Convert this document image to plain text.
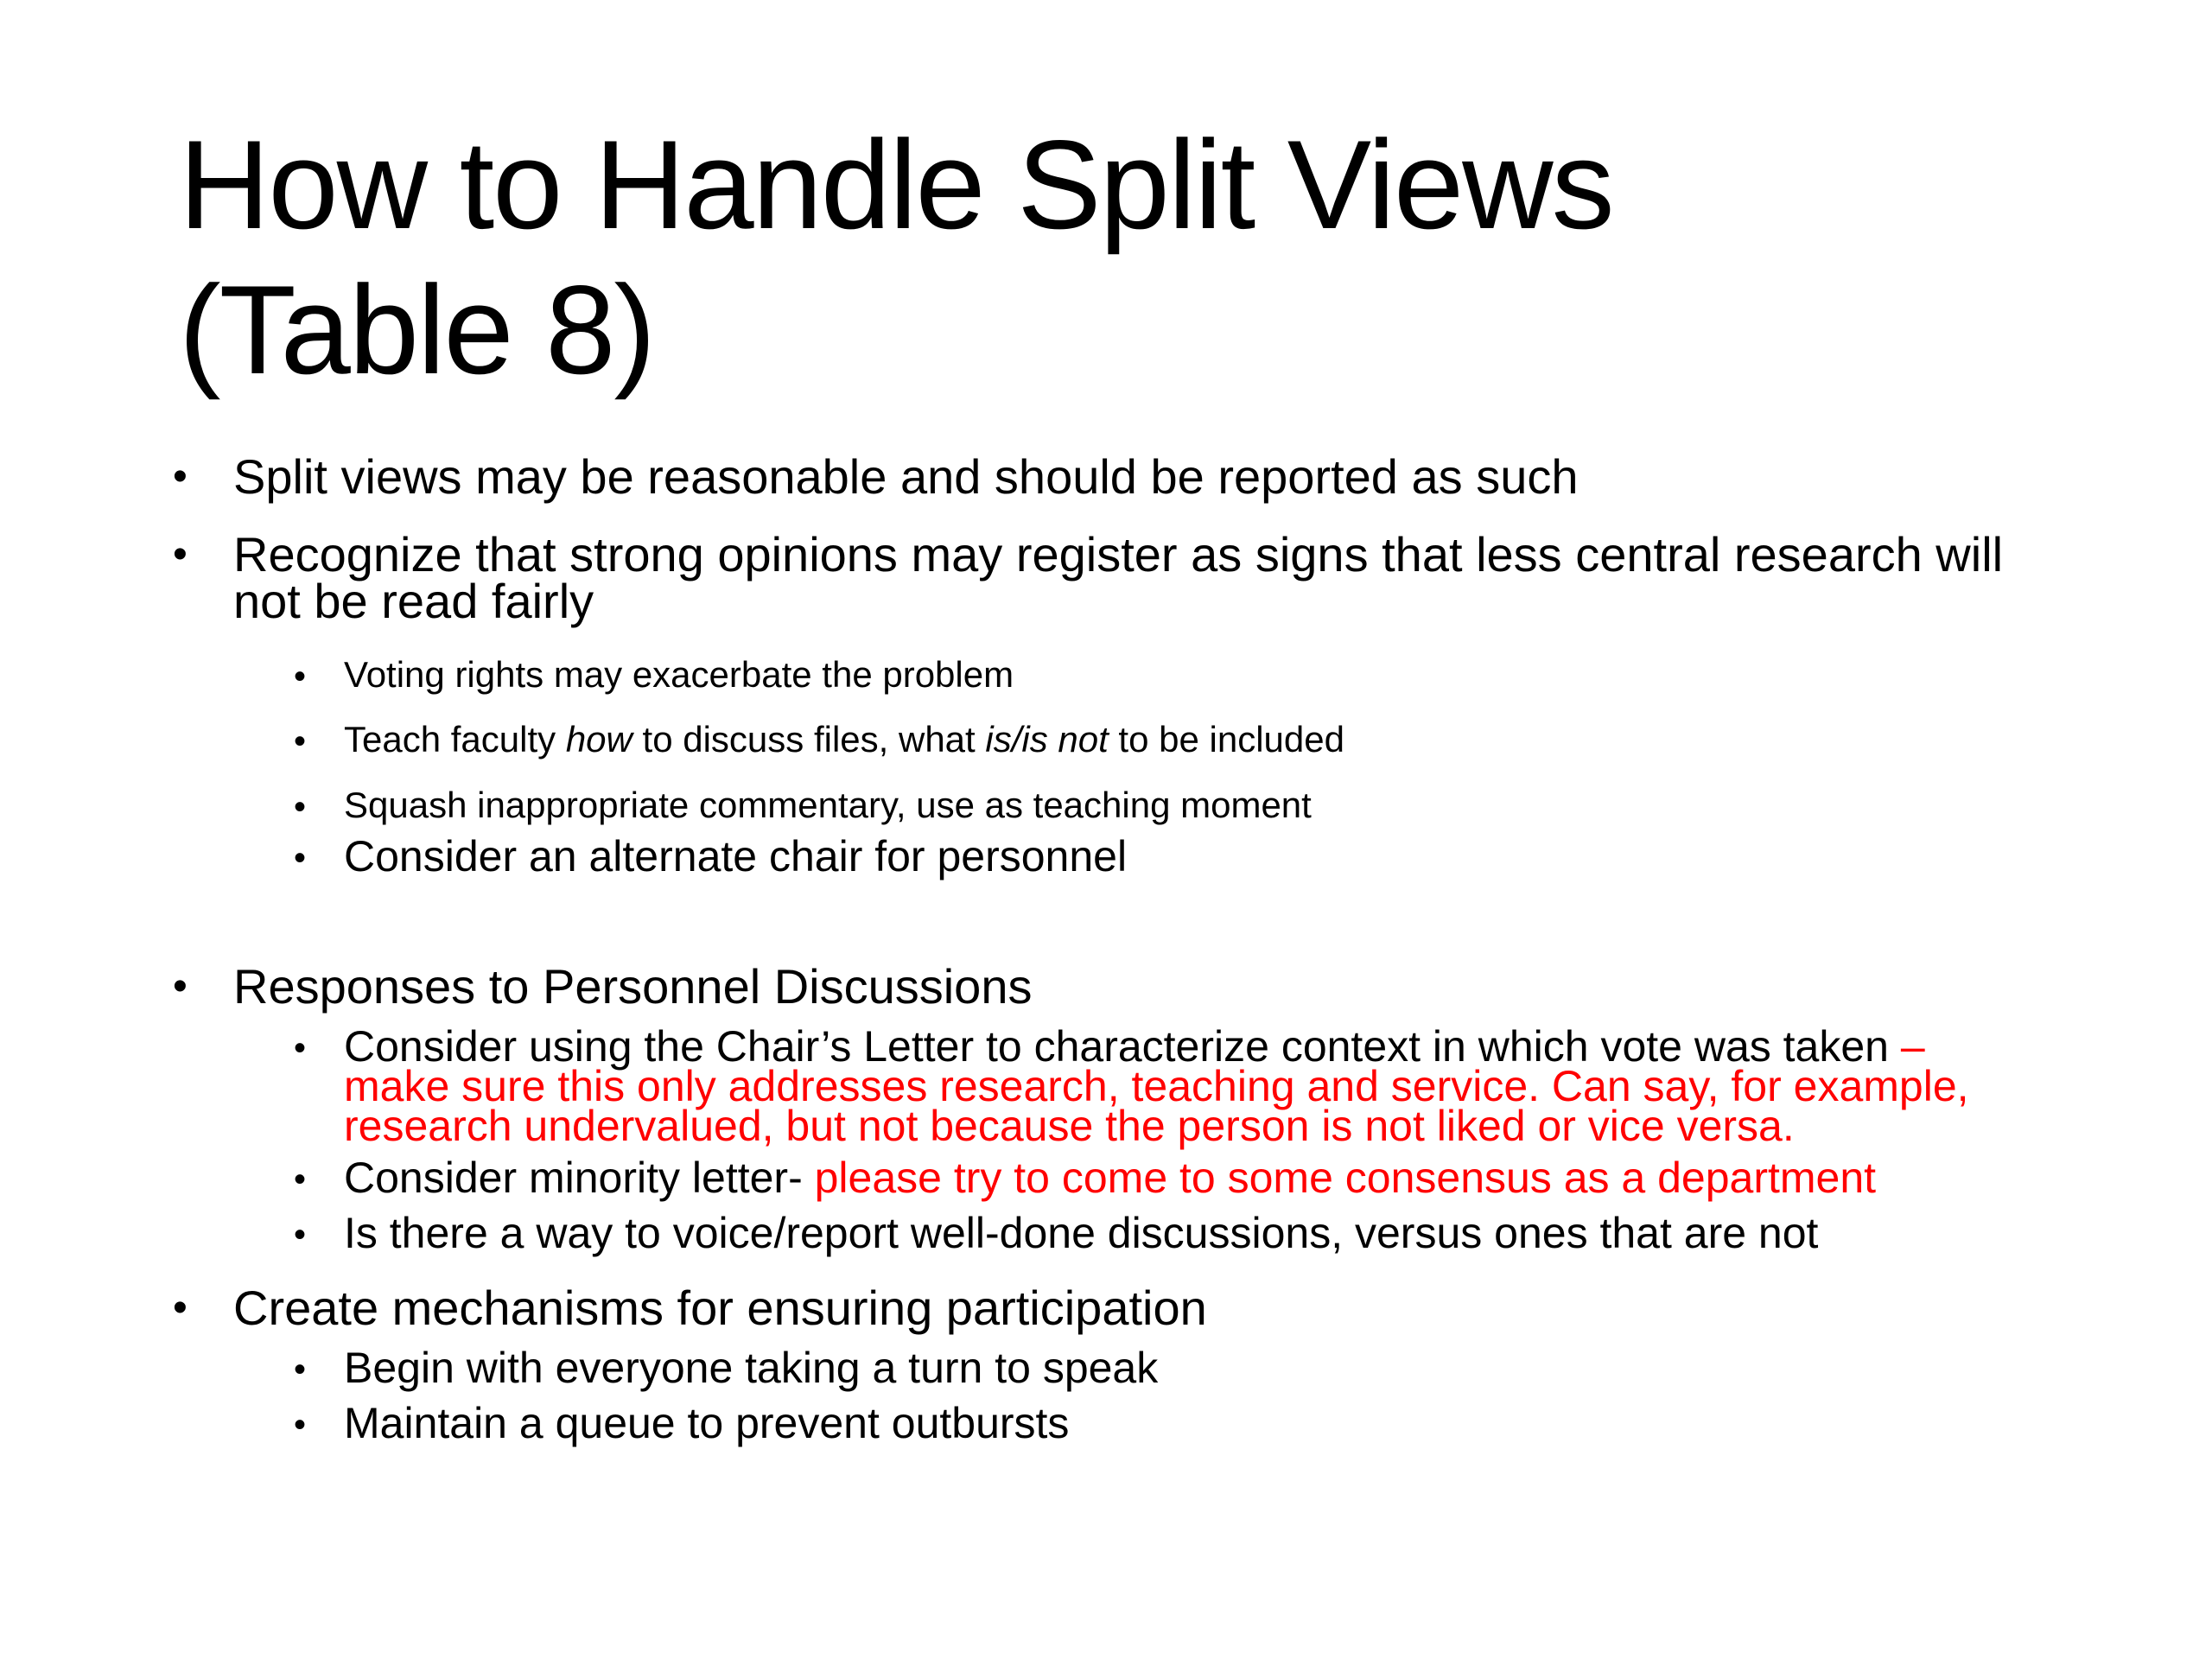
How to Handle Split Views
(Table 8)

• Split views may be reasonable and should be reported as such

• Recognize that strong opinions may register as signs that less central research will not be read fairly

• Voting rights may exacerbate the problem

• Teach faculty how to discuss files, what is/is not to be included

• Squash inappropriate commentary, use as teaching moment

• Consider an alternate chair for personnel

• Responses to Personnel Discussions

• Consider using the Chair’s Letter to characterize context in which vote was taken – make sure this only addresses research, teaching and service. Can say, for example, research undervalued, but not because the person is not liked or vice versa.

• Consider minority letter- please try to come to some consensus as a department

• Is there a way to voice/report well-done discussions, versus ones that are not

• Create mechanisms for ensuring participation

• Begin with everyone taking a turn to speak

• Maintain a queue to prevent outbursts
